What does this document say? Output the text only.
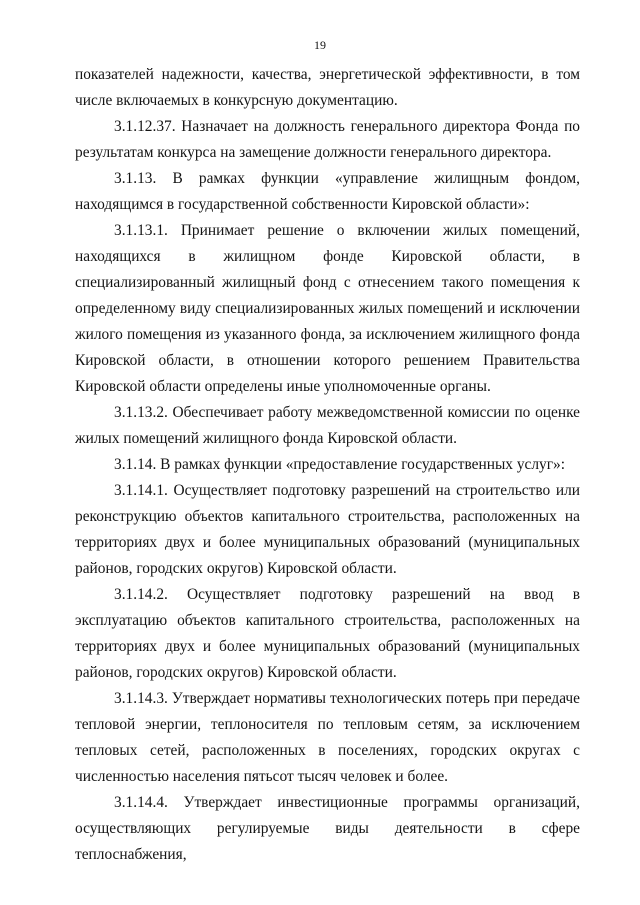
19

показателей надежности, качества, энергетической эффективности, в том числе включаемых в конкурсную документацию.

3.1.12.37. Назначает на должность генерального директора Фонда по результатам конкурса на замещение должности генерального директора.

3.1.13. В рамках функции «управление жилищным фондом, находящимся в государственной собственности Кировской области»:

3.1.13.1. Принимает решение о включении жилых помещений, находящихся в жилищном фонде Кировской области, в специализированный жилищный фонд с отнесением такого помещения к определенному виду специализированных жилых помещений и исключении жилого помещения из указанного фонда, за исключением жилищного фонда Кировской области, в отношении которого решением Правительства Кировской области определены иные уполномоченные органы.

3.1.13.2. Обеспечивает работу межведомственной комиссии по оценке жилых помещений жилищного фонда Кировской области.

3.1.14. В рамках функции «предоставление государственных услуг»:

3.1.14.1. Осуществляет подготовку разрешений на строительство или реконструкцию объектов капитального строительства, расположенных на территориях двух и более муниципальных образований (муниципальных районов, городских округов) Кировской области.

3.1.14.2. Осуществляет подготовку разрешений на ввод в эксплуатацию объектов капитального строительства, расположенных на территориях двух и более муниципальных образований (муниципальных районов, городских округов) Кировской области.

3.1.14.3. Утверждает нормативы технологических потерь при передаче тепловой энергии, теплоносителя по тепловым сетям, за исключением тепловых сетей, расположенных в поселениях, городских округах с численностью населения пятьсот тысяч человек и более.

3.1.14.4. Утверждает инвестиционные программы организаций, осуществляющих регулируемые виды деятельности в сфере теплоснабжения,
